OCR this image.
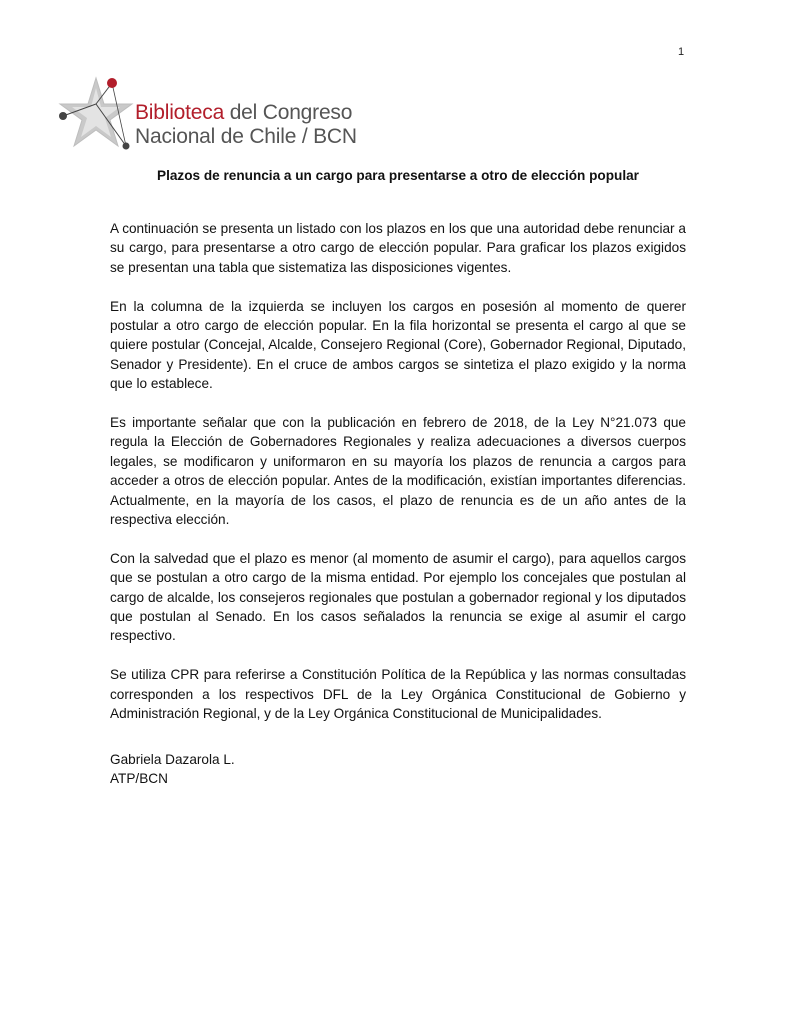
1
Biblioteca del Congreso
Nacional de Chile / BCN
Plazos de renuncia a un cargo para presentarse a otro de elección popular

A continuación se presenta un listado con los plazos en los que una autoridad debe renunciar a su cargo, para presentarse a otro cargo de elección popular. Para graficar los plazos exigidos se presentan una tabla que sistematiza las disposiciones vigentes.

En la columna de la izquierda se incluyen los cargos en posesión al momento de querer postular a otro cargo de elección popular. En la fila horizontal se presenta el cargo al que se quiere postular (Concejal, Alcalde, Consejero Regional (Core), Gobernador Regional, Diputado, Senador y Presidente). En el cruce de ambos cargos se sintetiza el plazo exigido y la norma que lo establece.

Es importante señalar que con la publicación en febrero de 2018, de la Ley N°21.073 que regula la Elección de Gobernadores Regionales y realiza adecuaciones a diversos cuerpos legales, se modificaron y uniformaron en su mayoría los plazos de renuncia a cargos para acceder a otros de elección popular. Antes de la modificación, existían importantes diferencias. Actualmente, en la mayoría de los casos, el plazo de renuncia es de un año antes de la respectiva elección.

Con la salvedad que el plazo es menor (al momento de asumir el cargo), para aquellos cargos que se postulan a otro cargo de la misma entidad. Por ejemplo los concejales que postulan al cargo de alcalde, los consejeros regionales que postulan a gobernador regional y los diputados que postulan al Senado. En los casos señalados la renuncia se exige al asumir el cargo respectivo.

Se utiliza CPR para referirse a Constitución Política de la República y las normas consultadas corresponden a los respectivos DFL de la Ley Orgánica Constitucional de Gobierno y Administración Regional, y de la Ley Orgánica Constitucional de Municipalidades.

Gabriela Dazarola L.
ATP/BCN
